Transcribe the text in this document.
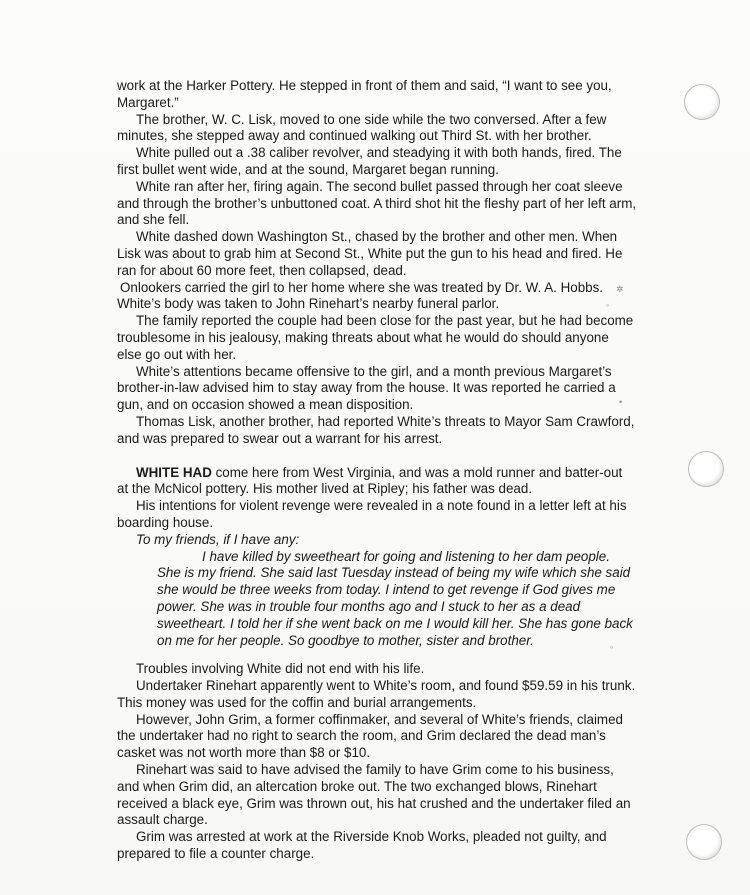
✲
◦
•
◦

work at the Harker Pottery. He stepped in front of them and said, “I want to see you, Margaret.”

The brother, W. C. Lisk, moved to one side while the two conversed. After a few minutes, she stepped away and continued walking out Third St. with her brother.

White pulled out a .38 caliber revolver, and steadying it with both hands, fired. The first bullet went wide, and at the sound, Margaret began running.

White ran after her, firing again. The second bullet passed through her coat sleeve and through the brother’s unbuttoned coat. A third shot hit the fleshy part of her left arm, and she fell.

White dashed down Washington St., chased by the brother and other men. When Lisk was about to grab him at Second St., White put the gun to his head and fired. He ran for about 60 more feet, then collapsed, dead.

Onlookers carried the girl to her home where she was treated by Dr. W. A. Hobbs. White’s body was taken to John Rinehart’s nearby funeral parlor.

The family reported the couple had been close for the past year, but he had become troublesome in his jealousy, making threats about what he would do should anyone else go out with her.

White’s attentions became offensive to the girl, and a month previous Margaret’s brother-in-law advised him to stay away from the house. It was reported he carried a gun, and on occasion showed a mean disposition.

Thomas Lisk, another brother, had reported White’s threats to Mayor Sam Crawford, and was prepared to swear out a warrant for his arrest.

WHITE HAD come here from West Virginia, and was a mold runner and batter-out at the McNicol pottery. His mother lived at Ripley; his father was dead.

His intentions for violent revenge were revealed in a note found in a letter left at his boarding house.

To my friends, if I have any:

I have killed by sweetheart for going and listening to her dam people. She is my friend. She said last Tuesday instead of being my wife which she said she would be three weeks from today. I intend to get revenge if God gives me power. She was in trouble four months ago and I stuck to her as a dead sweetheart. I told her if she went back on me I would kill her. She has gone back on me for her people. So goodbye to mother, sister and brother.

Troubles involving White did not end with his life.

Undertaker Rinehart apparently went to White’s room, and found $59.59 in his trunk. This money was used for the coffin and burial arrangements.

However, John Grim, a former coffinmaker, and several of White’s friends, claimed the undertaker had no right to search the room, and Grim declared the dead man’s casket was not worth more than $8 or $10.

Rinehart was said to have advised the family to have Grim come to his business, and when Grim did, an altercation broke out. The two exchanged blows, Rinehart received a black eye, Grim was thrown out, his hat crushed and the undertaker filed an assault charge.

Grim was arrested at work at the Riverside Knob Works, pleaded not guilty, and prepared to file a counter charge.
